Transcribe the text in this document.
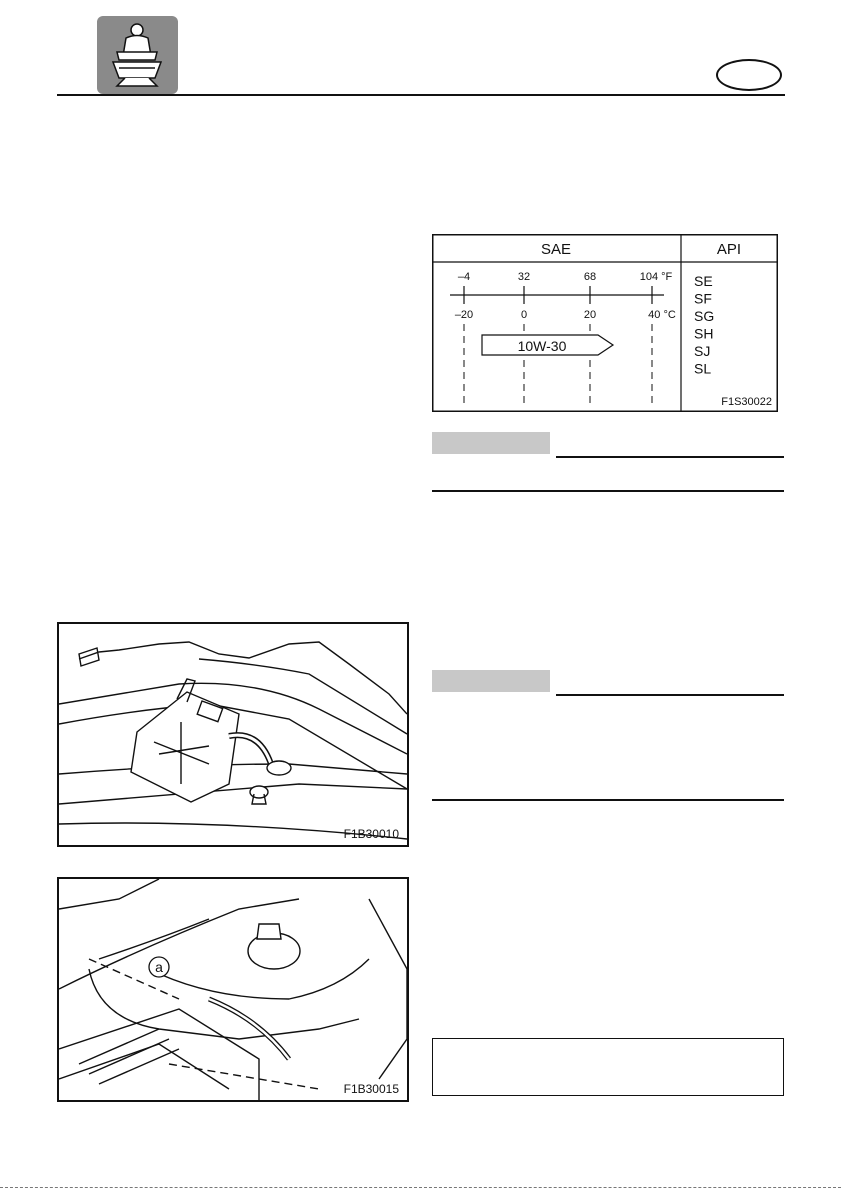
SAE	API
–4	32	68	104 °F
–20	0	20	40 °C
10W-30
SE
SF
SG
SH
SJ
SL
F1S30022
F1B30010
a
F1B30015
